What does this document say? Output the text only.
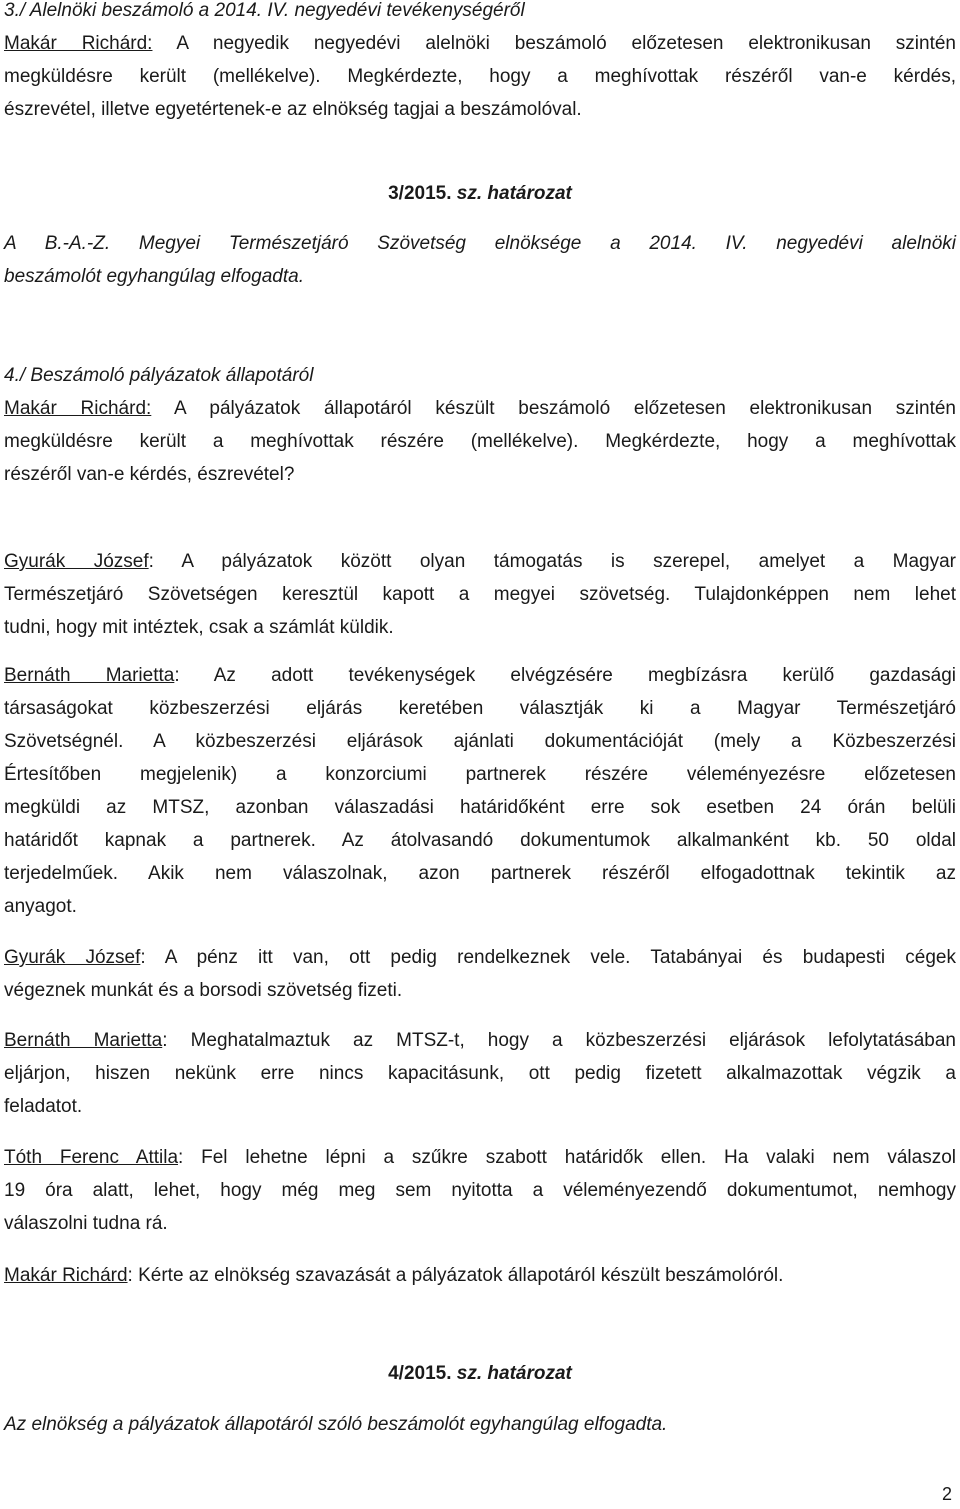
3./ Alelnöki beszámoló a 2014. IV. negyedévi tevékenységéről
Makár Richárd: A negyedik negyedévi alelnöki beszámoló előzetesen elektronikusan szintén
megküldésre került (mellékelve). Megkérdezte, hogy a meghívottak részéről van-e kérdés,
észrevétel, illetve egyetértenek-e az elnökség tagjai a beszámolóval.
3/2015. sz. határozat
A B.-A.-Z. Megyei Természetjáró Szövetség elnöksége a 2014. IV. negyedévi alelnöki
beszámolót egyhangúlag elfogadta.
4./ Beszámoló pályázatok állapotáról
Makár Richárd: A pályázatok állapotáról készült beszámoló előzetesen elektronikusan szintén
megküldésre került a meghívottak részére (mellékelve). Megkérdezte, hogy a meghívottak
részéről van-e kérdés, észrevétel?
Gyurák József: A pályázatok között olyan támogatás is szerepel, amelyet a Magyar
Természetjáró Szövetségen keresztül kapott a megyei szövetség. Tulajdonképpen nem lehet
tudni, hogy mit intéztek, csak a számlát küldik.
Bernáth Marietta: Az adott tevékenységek elvégzésére megbízásra kerülő gazdasági
társaságokat közbeszerzési eljárás keretében választják ki a Magyar Természetjáró
Szövetségnél. A közbeszerzési eljárások ajánlati dokumentációját (mely a Közbeszerzési
Értesítőben megjelenik) a konzorciumi partnerek részére véleményezésre előzetesen
megküldi az MTSZ, azonban válaszadási határidőként erre sok esetben 24 órán belüli
határidőt kapnak a partnerek. Az átolvasandó dokumentumok alkalmanként kb. 50 oldal
terjedelműek. Akik nem válaszolnak, azon partnerek részéről elfogadottnak tekintik az
anyagot.
Gyurák József: A pénz itt van, ott pedig rendelkeznek vele. Tatabányai és budapesti cégek
végeznek munkát és a borsodi szövetség fizeti.
Bernáth Marietta: Meghatalmaztuk az MTSZ-t, hogy a közbeszerzési eljárások lefolytatásában
eljárjon, hiszen nekünk erre nincs kapacitásunk, ott pedig fizetett alkalmazottak végzik a
feladatot.
Tóth Ferenc Attila: Fel lehetne lépni a szűkre szabott határidők ellen. Ha valaki nem válaszol
19 óra alatt, lehet, hogy még meg sem nyitotta a véleményezendő dokumentumot, nemhogy
válaszolni tudna rá.
Makár Richárd: Kérte az elnökség szavazását a pályázatok állapotáról készült beszámolóról.
4/2015. sz. határozat
Az elnökség a pályázatok állapotáról szóló beszámolót egyhangúlag elfogadta.
2
